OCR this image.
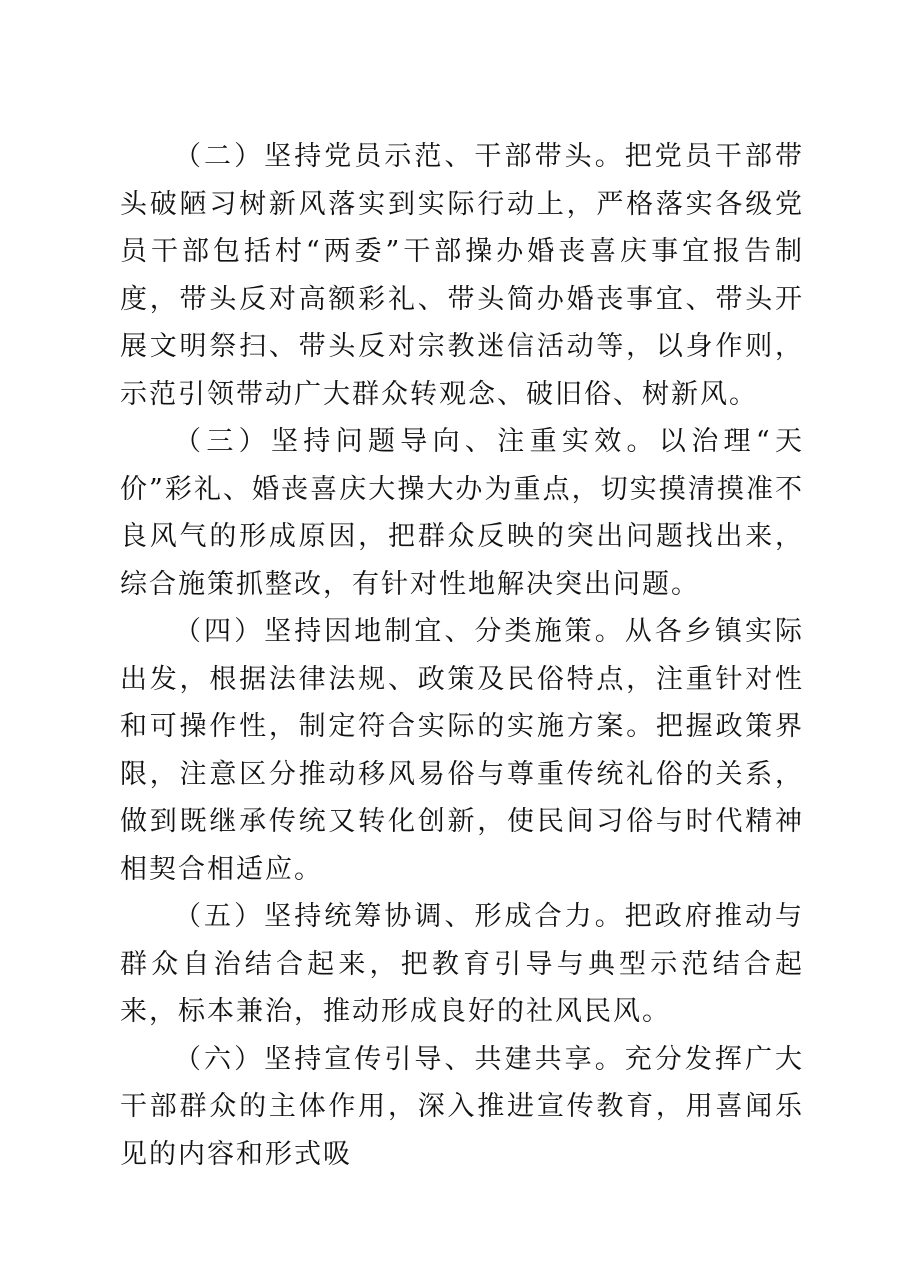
（二）坚持党员示范、干部带头。把党员干部带头破陋习树新风落实到实际行动上，严格落实各级党员干部包括村“两委”干部操办婚丧喜庆事宜报告制度，带头反对高额彩礼、带头简办婚丧事宜、带头开展文明祭扫、带头反对宗教迷信活动等，以身作则，示范引领带动广大群众转观念、破旧俗、树新风。

（三）坚持问题导向、注重实效。以治理“天价”彩礼、婚丧喜庆大操大办为重点，切实摸清摸准不良风气的形成原因，把群众反映的突出问题找出来，综合施策抓整改，有针对性地解决突出问题。

（四）坚持因地制宜、分类施策。从各乡镇实际出发，根据法律法规、政策及民俗特点，注重针对性和可操作性，制定符合实际的实施方案。把握政策界限，注意区分推动移风易俗与尊重传统礼俗的关系，做到既继承传统又转化创新，使民间习俗与时代精神相契合相适应。

（五）坚持统筹协调、形成合力。把政府推动与群众自治结合起来，把教育引导与典型示范结合起来，标本兼治，推动形成良好的社风民风。

（六）坚持宣传引导、共建共享。充分发挥广大干部群众的主体作用，深入推进宣传教育，用喜闻乐见的内容和形式吸
